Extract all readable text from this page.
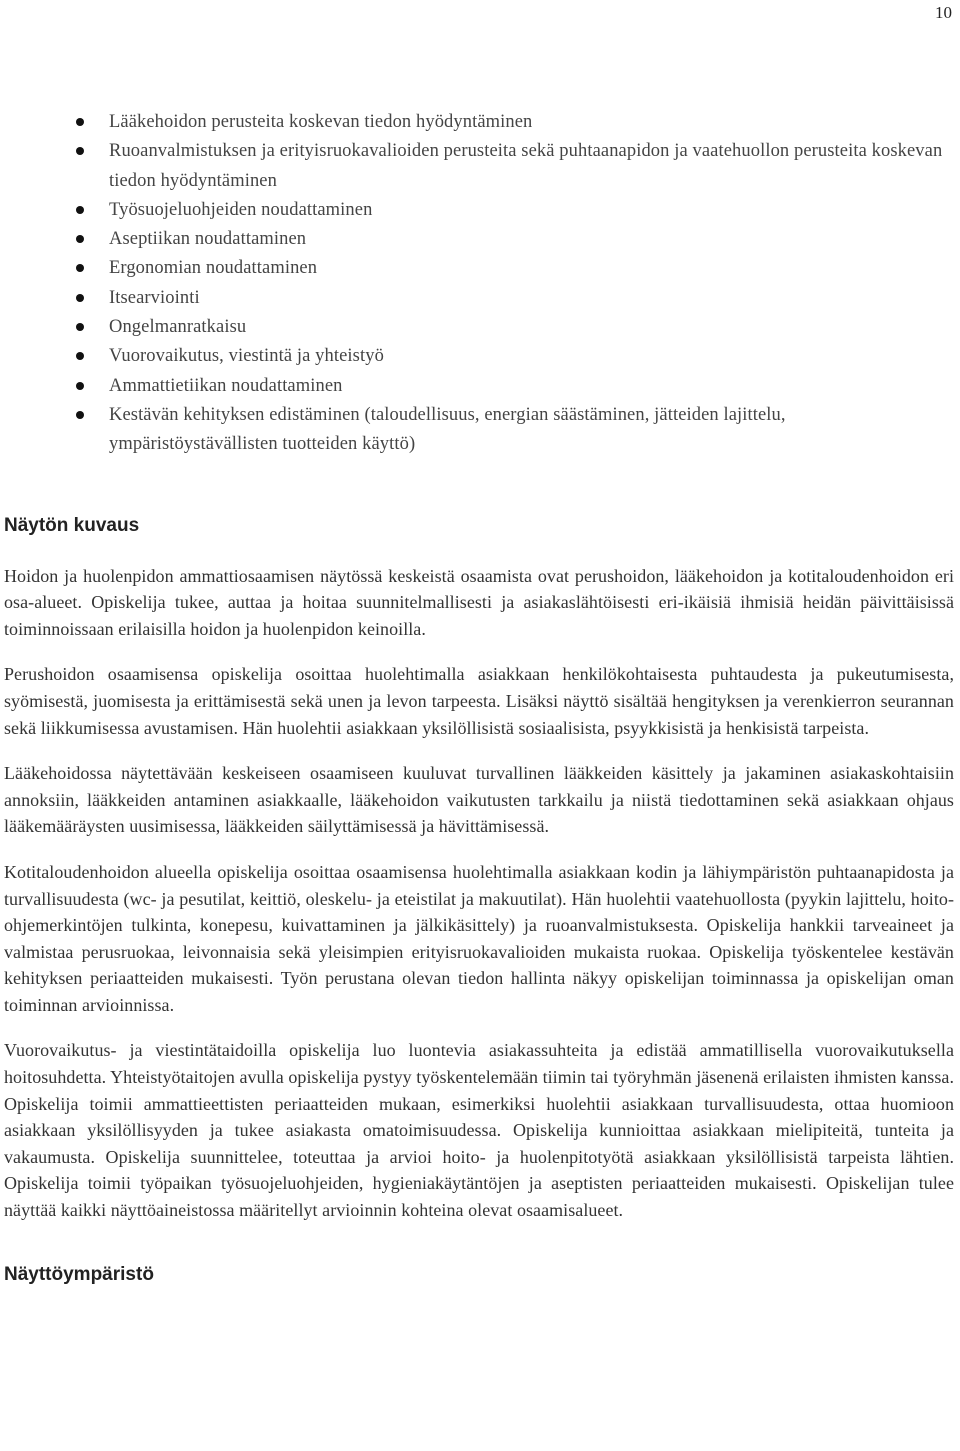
10
Lääkehoidon perusteita koskevan tiedon hyödyntäminen
Ruoanvalmistuksen ja erityisruokavalioiden perusteita sekä puhtaanapidon ja vaatehuollon perusteita koskevan tiedon hyödyntäminen
Työsuojeluohjeiden noudattaminen
Aseptiikan noudattaminen
Ergonomian noudattaminen
Itsearviointi
Ongelmanratkaisu
Vuorovaikutus, viestintä ja yhteistyö
Ammattietiikan noudattaminen
Kestävän kehityksen edistäminen (taloudellisuus, energian säästäminen, jätteiden lajittelu, ympäristöystävällisten tuotteiden käyttö)
Näytön kuvaus

Hoidon ja huolenpidon ammattiosaamisen näytössä keskeistä osaamista ovat perushoidon, lääkehoidon ja kotitaloudenhoidon eri osa-alueet. Opiskelija tukee, auttaa ja hoitaa suunnitelmallisesti ja asiakaslähtöisesti eri-ikäisiä ihmisiä heidän päivittäisissä toiminnoissaan erilaisilla hoidon ja huolenpidon keinoilla.

Perushoidon osaamisensa opiskelija osoittaa huolehtimalla asiakkaan henkilökohtaisesta puhtaudesta ja pukeutumisesta, syömisestä, juomisesta ja erittämisestä sekä unen ja levon tarpeesta. Lisäksi näyttö sisältää hengityksen ja verenkierron seurannan sekä liikkumisessa avustamisen. Hän huolehtii asiakkaan yksilöllisistä sosiaalisista, psyykkisistä ja henkisistä tarpeista.

Lääkehoidossa näytettävään keskeiseen osaamiseen kuuluvat turvallinen lääkkeiden käsittely ja jakaminen asiakaskohtaisiin annoksiin, lääkkeiden antaminen asiakkaalle, lääkehoidon vaikutusten tarkkailu ja niistä tiedottaminen sekä asiakkaan ohjaus lääkemääräysten uusimisessa, lääkkeiden säilyttämisessä ja hävittämisessä.

Kotitaloudenhoidon alueella opiskelija osoittaa osaamisensa huolehtimalla asiakkaan kodin ja lähiympäristön puhtaanapidosta ja turvallisuudesta (wc- ja pesutilat, keittiö, oleskelu- ja eteistilat ja makuutilat). Hän huolehtii vaatehuollosta (pyykin lajittelu, hoito-ohjemerkintöjen tulkinta, konepesu, kuivattaminen ja jälkikäsittely) ja ruoanvalmistuksesta. Opiskelija hankkii tarveaineet ja valmistaa perusruokaa, leivonnaisia sekä yleisimpien erityisruokavalioiden mukaista ruokaa. Opiskelija työskentelee kestävän kehityksen periaatteiden mukaisesti. Työn perustana olevan tiedon hallinta näkyy opiskelijan toiminnassa ja opiskelijan oman toiminnan arvioinnissa.

Vuorovaikutus- ja viestintätaidoilla opiskelija luo luontevia asiakassuhteita ja edistää ammatillisella vuorovaikutuksella hoitosuhdetta. Yhteistyötaitojen avulla opiskelija pystyy työskentelemään tiimin tai työryhmän jäsenenä erilaisten ihmisten kanssa. Opiskelija toimii ammattieettisten periaatteiden mukaan, esimerkiksi huolehtii asiakkaan turvallisuudesta, ottaa huomioon asiakkaan yksilöllisyyden ja tukee asiakasta omatoimisuudessa. Opiskelija kunnioittaa asiakkaan mielipiteitä, tunteita ja vakaumusta. Opiskelija suunnittelee, toteuttaa ja arvioi hoito- ja huolenpitotyötä asiakkaan yksilöllisistä tarpeista lähtien. Opiskelija toimii työpaikan työsuojeluohjeiden, hygieniakäytäntöjen ja aseptisten periaatteiden mukaisesti. Opiskelijan tulee näyttää kaikki näyttöaineistossa määritellyt arvioinnin kohteina olevat osaamisalueet.

Näyttöympäristö
